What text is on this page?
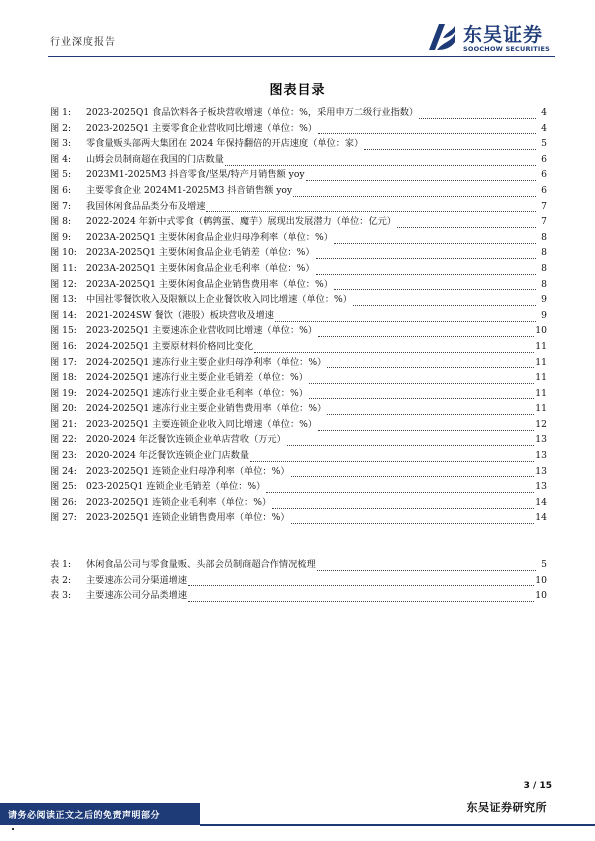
行业深度报告	东吴证券
SOOCHOW SECURITIES
图表目录
图 1:	2023-2025Q1 食品饮料各子板块营收增速（单位：%，采用申万二级行业指数）	4
图 2:	2023-2025Q1 主要零食企业营收同比增速（单位：%）	4
图 3:	零食量贩头部两大集团在 2024 年保持翻倍的开店速度（单位：家）	5
图 4:	山姆会员制商超在我国的门店数量	6
图 5:	2023M1-2025M3 抖音零食/坚果/特产月销售额 yoy	6
图 6:	主要零食企业 2024M1-2025M3 抖音销售额 yoy	6
图 7:	我国休闲食品品类分布及增速	7
图 8:	2022-2024 年新中式零食（鹌鹑蛋、魔芋）展现出发展潜力（单位：亿元）	7
图 9:	2023A-2025Q1 主要休闲食品企业归母净利率（单位：%）	8
图 10: 2023A-2025Q1 主要休闲食品企业毛销差（单位：%）	8
图 11: 2023A-2025Q1 主要休闲食品企业毛利率（单位：%）	8
图 12: 2023A-2025Q1 主要休闲食品企业销售费用率（单位：%）	8
图 13: 中国社零餐饮收入及限额以上企业餐饮收入同比增速（单位：%）	9
图 14: 2021-2024SW 餐饮（港股）板块营收及增速	9
图 15: 2023-2025Q1 主要速冻企业营收同比增速（单位：%）	10
图 16: 2024-2025Q1 主要原材料价格同比变化	11
图 17: 2024-2025Q1 速冻行业主要企业归母净利率（单位：%）	11
图 18: 2024-2025Q1 速冻行业主要企业毛销差（单位：%）	11
图 19: 2024-2025Q1 速冻行业主要企业毛利率（单位：%）	11
图 20: 2024-2025Q1 速冻行业主要企业销售费用率（单位：%）	11
图 21: 2023-2025Q1 主要连锁企业收入同比增速（单位：%）	12
图 22: 2020-2024 年泛餐饮连锁企业单店营收（万元）	13
图 23: 2020-2024 年泛餐饮连锁企业门店数量	13
图 24: 2023-2025Q1 连锁企业归母净利率（单位：%）	13
图 25: 023-2025Q1 连锁企业毛销差（单位：%）	13
图 26: 2023-2025Q1 连锁企业毛利率（单位：%）	14
图 27: 2023-2025Q1 连锁企业销售费用率（单位：%）	14
表 1:	休闲食品公司与零食量贩、头部会员制商超合作情况梳理	5
表 2:	主要速冻公司分渠道增速	10
表 3:	主要速冻公司分品类增速	10
3 / 15
请务必阅读正文之后的免责声明部分
东吴证券研究所
